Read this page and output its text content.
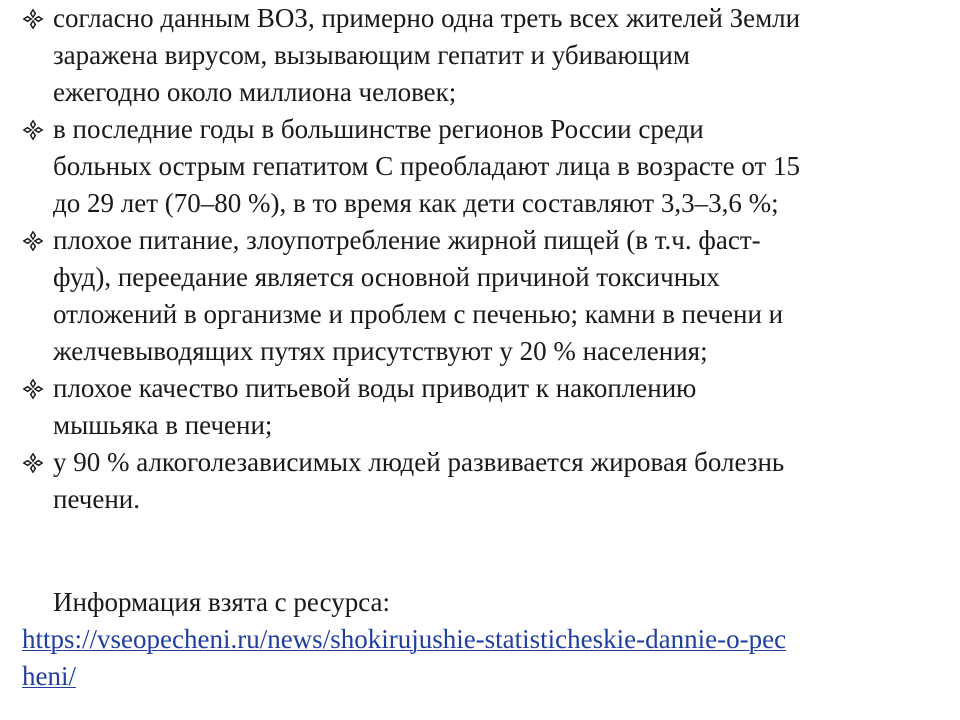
согласно данным ВОЗ, примерно одна треть всех жителей Земли
заражена вирусом, вызывающим гепатит и убивающим
ежегодно около миллиона человек;
в последние годы в большинстве регионов России среди
больных острым гепатитом С преобладают лица в возрасте от 15
до 29 лет (70–80 %), в то время как дети составляют 3,3–3,6 %;
плохое питание, злоупотребление жирной пищей (в т.ч. фаст-
фуд), переедание является основной причиной токсичных
отложений в организме и проблем с печенью; камни в печени и
желчевыводящих путях присутствуют у 20 % населения;
плохое качество питьевой воды приводит к накоплению
мышьяка в печени;
у 90 % алкоголезависимых людей развивается жировая болезнь
печени.
Информация взята с ресурса:
https://vseopecheni.ru/news/shokirujushie-statisticheskie-dannie-o-pec
heni/
